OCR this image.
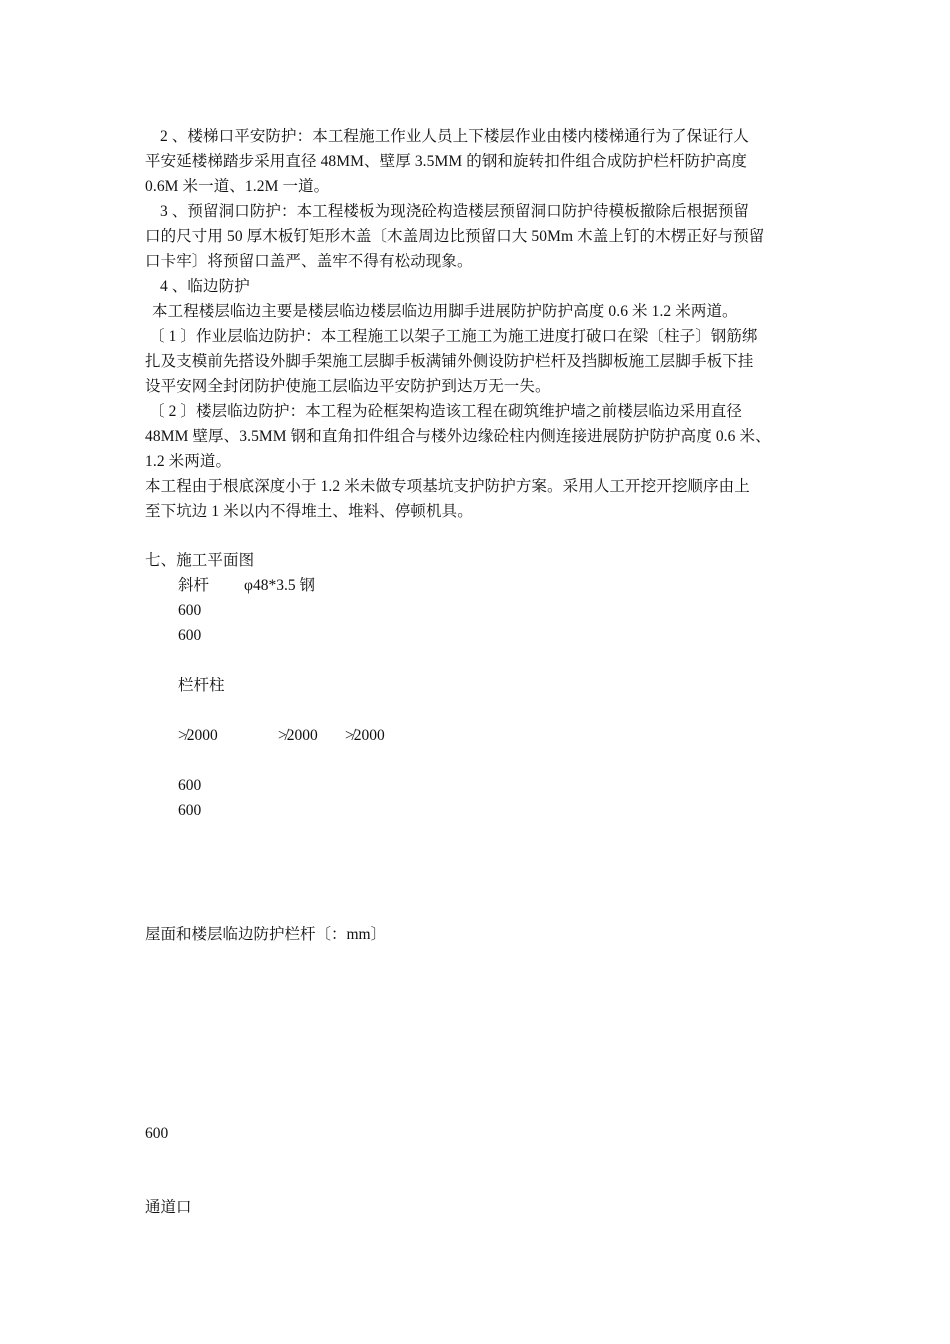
2 、楼梯口平安防护：本工程施工作业人员上下楼层作业由楼内楼梯通行为了保证行人
平安延楼梯踏步采用直径 48MM、壁厚 3.5MM 的钢和旋转扣件组合成防护栏杆防护高度
0.6M 米一道、1.2M 一道。
3 、预留洞口防护：本工程楼板为现浇砼构造楼层预留洞口防护待模板撤除后根据预留
口的尺寸用 50 厚木板钉矩形木盖〔木盖周边比预留口大 50Mm 木盖上钉的木楞正好与预留
口卡牢〕将预留口盖严、盖牢不得有松动现象。
4 、临边防护
本工程楼层临边主要是楼层临边楼层临边用脚手进展防护防护高度 0.6 米 1.2 米两道。
〔 1 〕作业层临边防护：本工程施工以架子工施工为施工进度打破口在梁〔柱子〕钢筋绑
扎及支模前先搭设外脚手架施工层脚手板满铺外侧设防护栏杆及挡脚板施工层脚手板下挂
设平安网全封闭防护使施工层临边平安防护到达万无一失。
〔 2 〕楼层临边防护：本工程为砼框架构造该工程在砌筑维护墙之前楼层临边采用直径
48MM 壁厚、3.5MM 钢和直角扣件组合与楼外边缘砼柱内侧连接进展防护防护高度 0.6 米、
1.2 米两道。
本工程由于根底深度小于 1.2 米未做专项基坑支护防护方案。采用人工开挖开挖顺序由上
至下坑边 1 米以内不得堆土、堆料、停顿机具。
七、施工平面图
斜杆 φ48*3.5 钢
600
600
栏杆柱
≯2000	≯2000 ≯2000
600
600
屋面和楼层临边防护栏杆〔：mm〕
600
通道口
